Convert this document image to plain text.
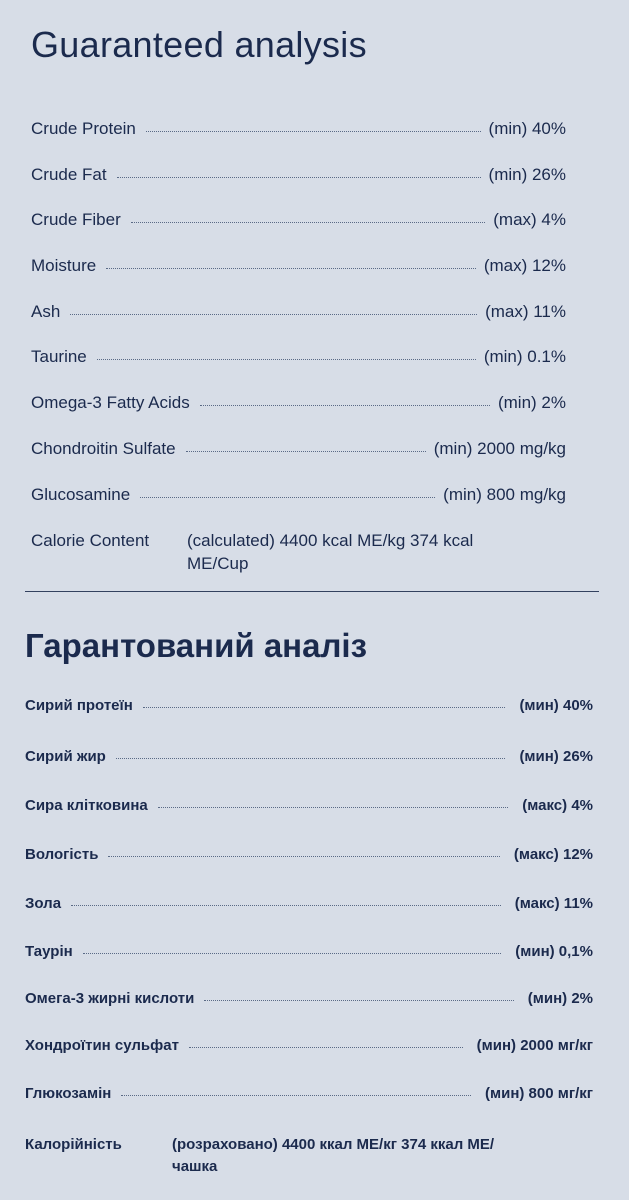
Guaranteed analysis
Crude Protein	(min) 40%
Crude Fat	(min) 26%
Crude Fiber	(max) 4%
Moisture	(max) 12%
Ash	(max) 11%
Taurine	(min) 0.1%
Omega-3 Fatty Acids	(min) 2%
Chondroitin Sulfate	(min) 2000 mg/kg
Glucosamine	(min) 800 mg/kg
Calorie Content	(calculated) 4400 kcal ME/kg 374 kcal ME/Cup
Гарантований аналіз
Сирий протеїн	(мин) 40%
Сирий жир	(мин) 26%
Сира клітковина	(макс) 4%
Вологість	(макс) 12%
Зола	(макс) 11%
Таурін	(мин) 0,1%
Омега-3 жирні кислоти	(мин) 2%
Хондроїтин сульфат	(мин) 2000 мг/кг
Глюкозамін	(мин) 800 мг/кг
Калорійність	(розраховано) 4400 ккал МЕ/кг 374 ккал МЕ/чашка
